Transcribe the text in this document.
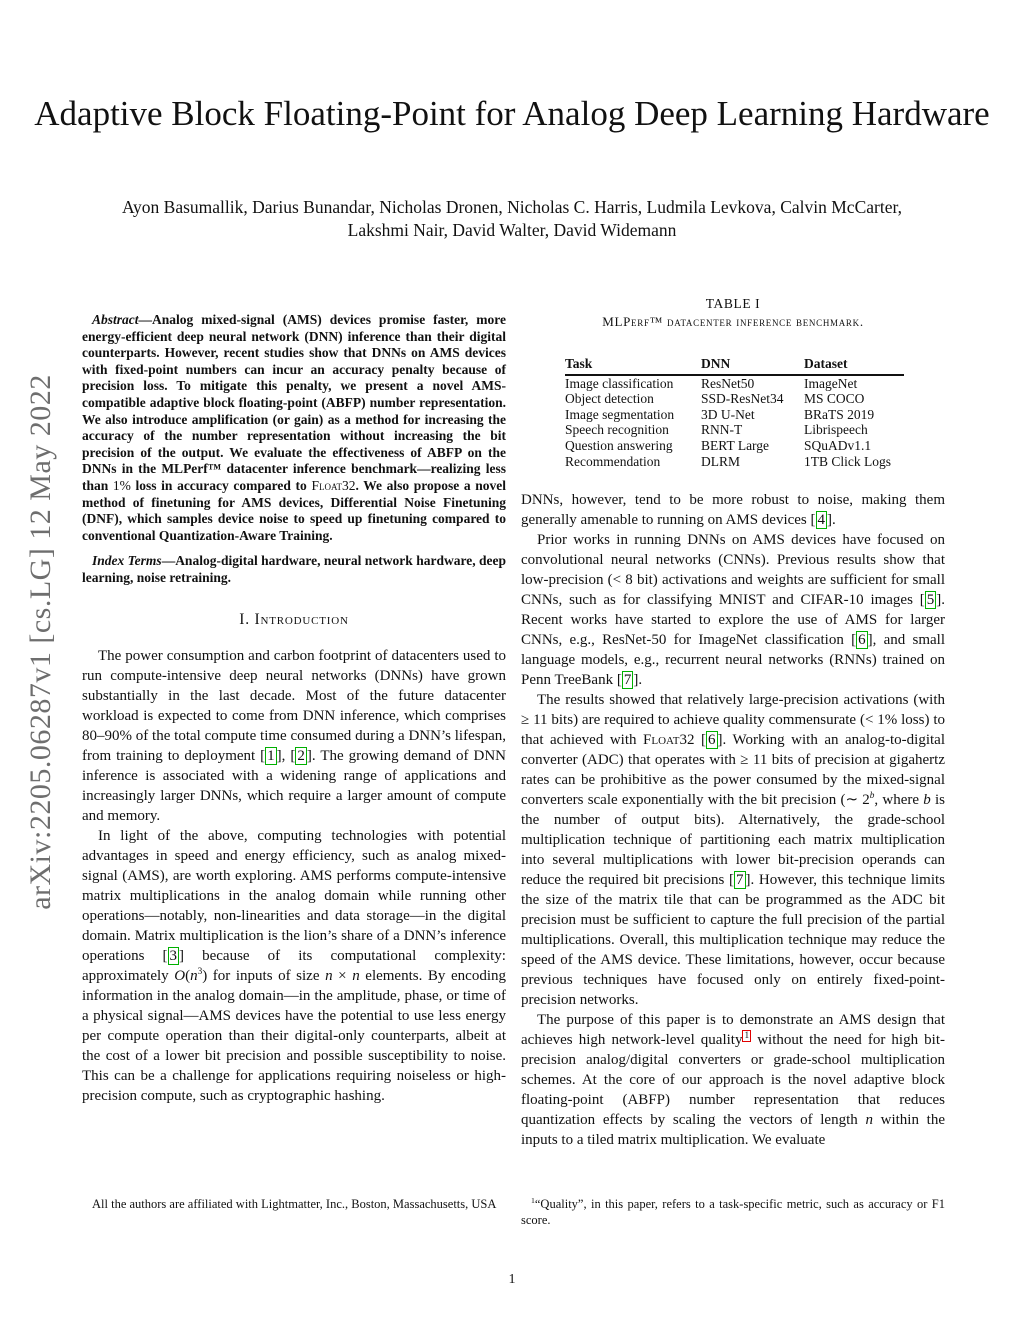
arXiv:2205.06287v1 [cs.LG] 12 May 2022
Adaptive Block Floating-Point for Analog Deep Learning Hardware
Ayon Basumallik, Darius Bunandar, Nicholas Dronen, Nicholas C. Harris, Ludmila Levkova, Calvin McCarter,
Lakshmi Nair, David Walter, David Widemann

Abstract—Analog mixed-signal (AMS) devices promise faster, more energy-efficient deep neural network (DNN) inference than their digital counterparts. However, recent studies show that DNNs on AMS devices with fixed-point numbers can incur an accuracy penalty because of precision loss. To mitigate this penalty, we present a novel AMS-compatible adaptive block floating-point (ABFP) number representation. We also introduce amplification (or gain) as a method for increasing the accuracy of the number representation without increasing the bit precision of the output. We evaluate the effectiveness of ABFP on the DNNs in the MLPerf™ datacenter inference benchmark—realizing less than 1% loss in accuracy compared to Float32. We also propose a novel method of finetuning for AMS devices, Differential Noise Finetuning (DNF), which samples device noise to speed up finetuning compared to conventional Quantization-Aware Training.

Index Terms—Analog-digital hardware, neural network hardware, deep learning, noise retraining.

I. Introduction

The power consumption and carbon footprint of datacenters used to run compute-intensive deep neural networks (DNNs) have grown substantially in the last decade. Most of the future datacenter workload is expected to come from DNN inference, which comprises 80–90% of the total compute time consumed during a DNN’s lifespan, from training to deployment [ 1 ], [ 2 ]. The growing demand of DNN inference is associated with a widening range of applications and increasingly larger DNNs, which require a larger amount of compute and memory.

In light of the above, computing technologies with potential advantages in speed and energy efficiency, such as analog mixed-signal (AMS), are worth exploring. AMS performs compute-intensive matrix multiplications in the analog domain while running other operations—notably, non-linearities and data storage—in the digital domain. Matrix multiplication is the lion’s share of a DNN’s inference operations [ 3 ] because of its computational complexity: approximately $O(n^3)$ for inputs of size n × n elements. By encoding information in the analog domain—in the amplitude, phase, or time of a physical signal—AMS devices have the potential to use less energy per compute operation than their digital-only counterparts, albeit at the cost of a lower bit precision and possible susceptibility to noise. This can be a challenge for applications requiring noiseless or high-precision compute, such as cryptographic hashing.

TABLE I
MLPerf™ datacenter inference benchmark.
Task	DNN	Dataset
Image classification	ResNet50	ImageNet
Object detection	SSD-ResNet34	MS COCO
Image segmentation	3D U-Net	BRaTS 2019
Speech recognition	RNN-T	Librispeech
Question answering	BERT Large	SQuADv1.1
Recommendation	DLRM	1TB Click Logs

DNNs, however, tend to be more robust to noise, making them generally amenable to running on AMS devices [ 4 ].

Prior works in running DNNs on AMS devices have focused on convolutional neural networks (CNNs). Previous results show that low-precision (< 8 bit) activations and weights are sufficient for small CNNs, such as for classifying MNIST and CIFAR-10 images [ 5 ]. Recent works have started to explore the use of AMS for larger CNNs, e.g., ResNet-50 for ImageNet classification [ 6 ], and small language models, e.g., recurrent neural networks (RNNs) trained on Penn TreeBank [ 7 ].

The results showed that relatively large-precision activations (with ≥ 11 bits) are required to achieve quality commensurate (< 1% loss) to that achieved with Float32 [ 6 ]. Working with an analog-to-digital converter (ADC) that operates with ≥ 11 bits of precision at gigahertz rates can be prohibitive as the power consumed by the mixed-signal converters scale exponentially with the bit precision (∼ 2$^b$, where b is the number of output bits). Alternatively, the grade-school multiplication technique of partitioning each matrix multiplication into several multiplications with lower bit-precision operands can reduce the required bit precisions [ 7 ]. However, this technique limits the size of the matrix tile that can be programmed as the ADC bit precision must be sufficient to capture the full precision of the partial multiplications. Overall, this multiplication technique may reduce the speed of the AMS device. These limitations, however, occur because previous techniques have focused only on entirely fixed-point-precision networks.

The purpose of this paper is to demonstrate an AMS design that achieves high network-level quality $^1$ without the need for high bit-precision analog/digital converters or grade-school multiplication schemes. At the core of our approach is the novel adaptive block floating-point (ABFP) number representation that reduces quantization effects by scaling the vectors of length n within the inputs to a tiled matrix multiplication. We evaluate

All the authors are affiliated with Lightmatter, Inc., Boston, Massachusetts, USA	$^1$“Quality”, in this paper, refers to a task-specific metric, such as accuracy or F1 score.
1
